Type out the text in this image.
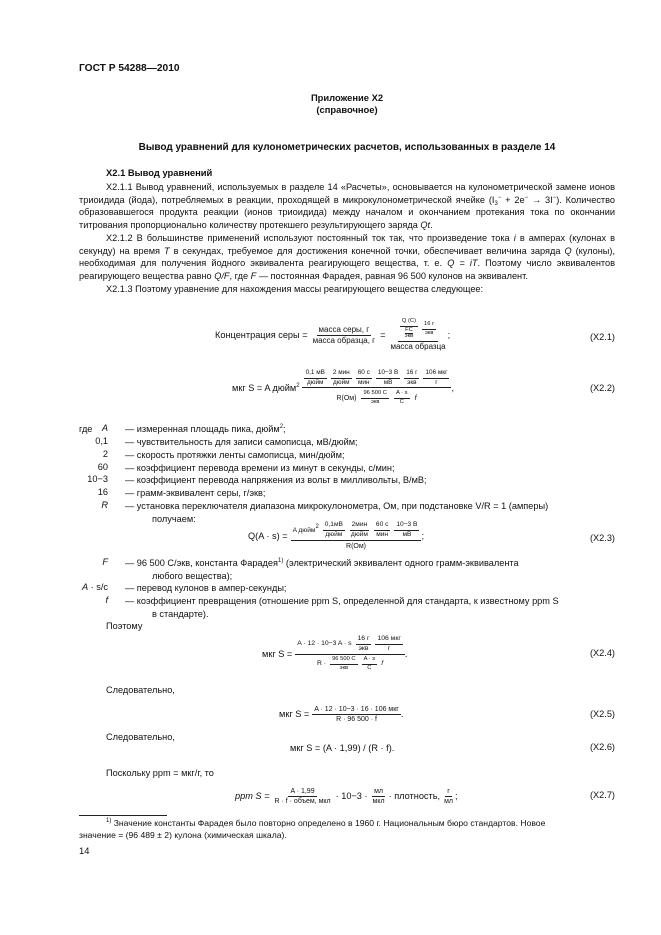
ГОСТ Р 54288—2010
Приложение Х2
(справочное)
Вывод уравнений для кулонометрических расчетов, использованных в разделе 14
Х2.1 Вывод уравнений
Х2.1.1 Вывод уравнений, используемых в разделе 14 «Расчеты», основывается на кулонометрической замене ионов триоидида (йода), потребляемых в реакции, проходящей в микрокулонометрической ячейке $(I_3^- + 2e^- \to 3I^-)$. Количество образовавшегося продукта реакции (ионов триоидида) между началом и окончанием протекания тока по окончании титрования пропорционально количеству протекшего результирующего заряда Qt.
Х2.1.2 В большинстве применений используют постоянный ток так, что произведение тока i в амперах (кулонах в секунду) на время T в секундах, требуемое для достижения конечной точки, обеспечивает величина заряда Q (кулоны), необходимая для получения йодного эквивалента реагирующего вещества, т. е. Q = iT. Поэтому число эквивалентов реагирующего вещества равно Q/F, где F — постоянная Фарадея, равная 96 500 кулонов на эквивалент.
Х2.1.3 Поэтому уравнение для нахождения массы реагирующего вещества следующее:
Концентрация серы = $\frac{\text{масса серы, г}}{\text{масса образца, г}} = Q$ (C)
FC
экв $\frac{16 г}{\text{экв}}$
масса образца ;	(X2.1)
мкг S = A дюйм$^2$ $\frac{0,1 мВ}{\text{дюйм}} \frac{\text{2 мин}}{\text{дюйм}} \frac{60 с}{\text{мин}} \frac{10-3 В}{мВ} \frac{16 г}{\text{экв}} \frac{\text{106 мкг}}{г}$
$R(Ом) \frac{96 500 C}{\text{экв}} \frac{A \cdot s}{C}$ f
,	(X2.2)
где	A — измеренная площадь пика, дюйм$^2$;
0,1 — чувствительность для записи самописца, мВ/дюйм;
2 — скорость протяжки ленты самописца, мин/дюйм;
60 — коэффициент перевода времени из минут в секунды, с/мин;
10−3 — коэффициент перевода напряжения из вольт в милливольты, В/мВ;
16 — грамм-эквивалент серы, г/экв;
R — установка переключателя диапазона микрокулонометра, Ом, при подстановке V/R = 1 (амперы)
получаем:
Q(A · s) =
A дюйм$^2$ $\frac{0,1мВ}{\text{дюйм}} \frac{\text{2мин}}{\text{дюйм}} \frac{60 с}{\text{мин}} \frac{10-3 В}{мВ}$
R(Ом)
;	(X2.3)
F — 96 500 С/экв, константа Фарадея$^{1)}$ (электрический эквивалент одного грамм-эквивалента
любого вещества);
A · s/c — перевод кулонов в ампер-секунды;
f — коэффициент превращения (отношение ppm S, определенной для стандарта, к известному ppm S
в стандарте).
Поэтому
мкг $S = \frac{A \cdot 12 \cdot 10-3 A \cdot s \frac{16 г}{\text{экв}} \frac{\text{106 мкг}}{г}}{R \cdot \frac{96 500 C}{\text{экв}} \frac{A \cdot s}{C} f}$ .	(X2.4)
Следовательно,
мкг $S = \frac{\text{A · 12 · 10−3 · 16 · 106 мкг}}{R \cdot 96 500 \cdot f}$ .	(X2.5)
Следовательно,
мкг S = (A · 1,99) / (R · f).	(X2.6)
Поскольку ppm = мкг/г, то
ppm $S = \frac{A \cdot 1,99}{\text{R · f · объем, мкл}} \cdot 10-3 \cdot \frac{мл}{\text{мкл}}$ · плотность, $\frac{г}{мл}$ ;	(X2.7)
$^{1)}$ Значение константы Фарадея было повторно определено в 1960 г. Национальным бюро стандартов. Новое
значение = (96 489 ± 2) кулона (химическая шкала).
14
